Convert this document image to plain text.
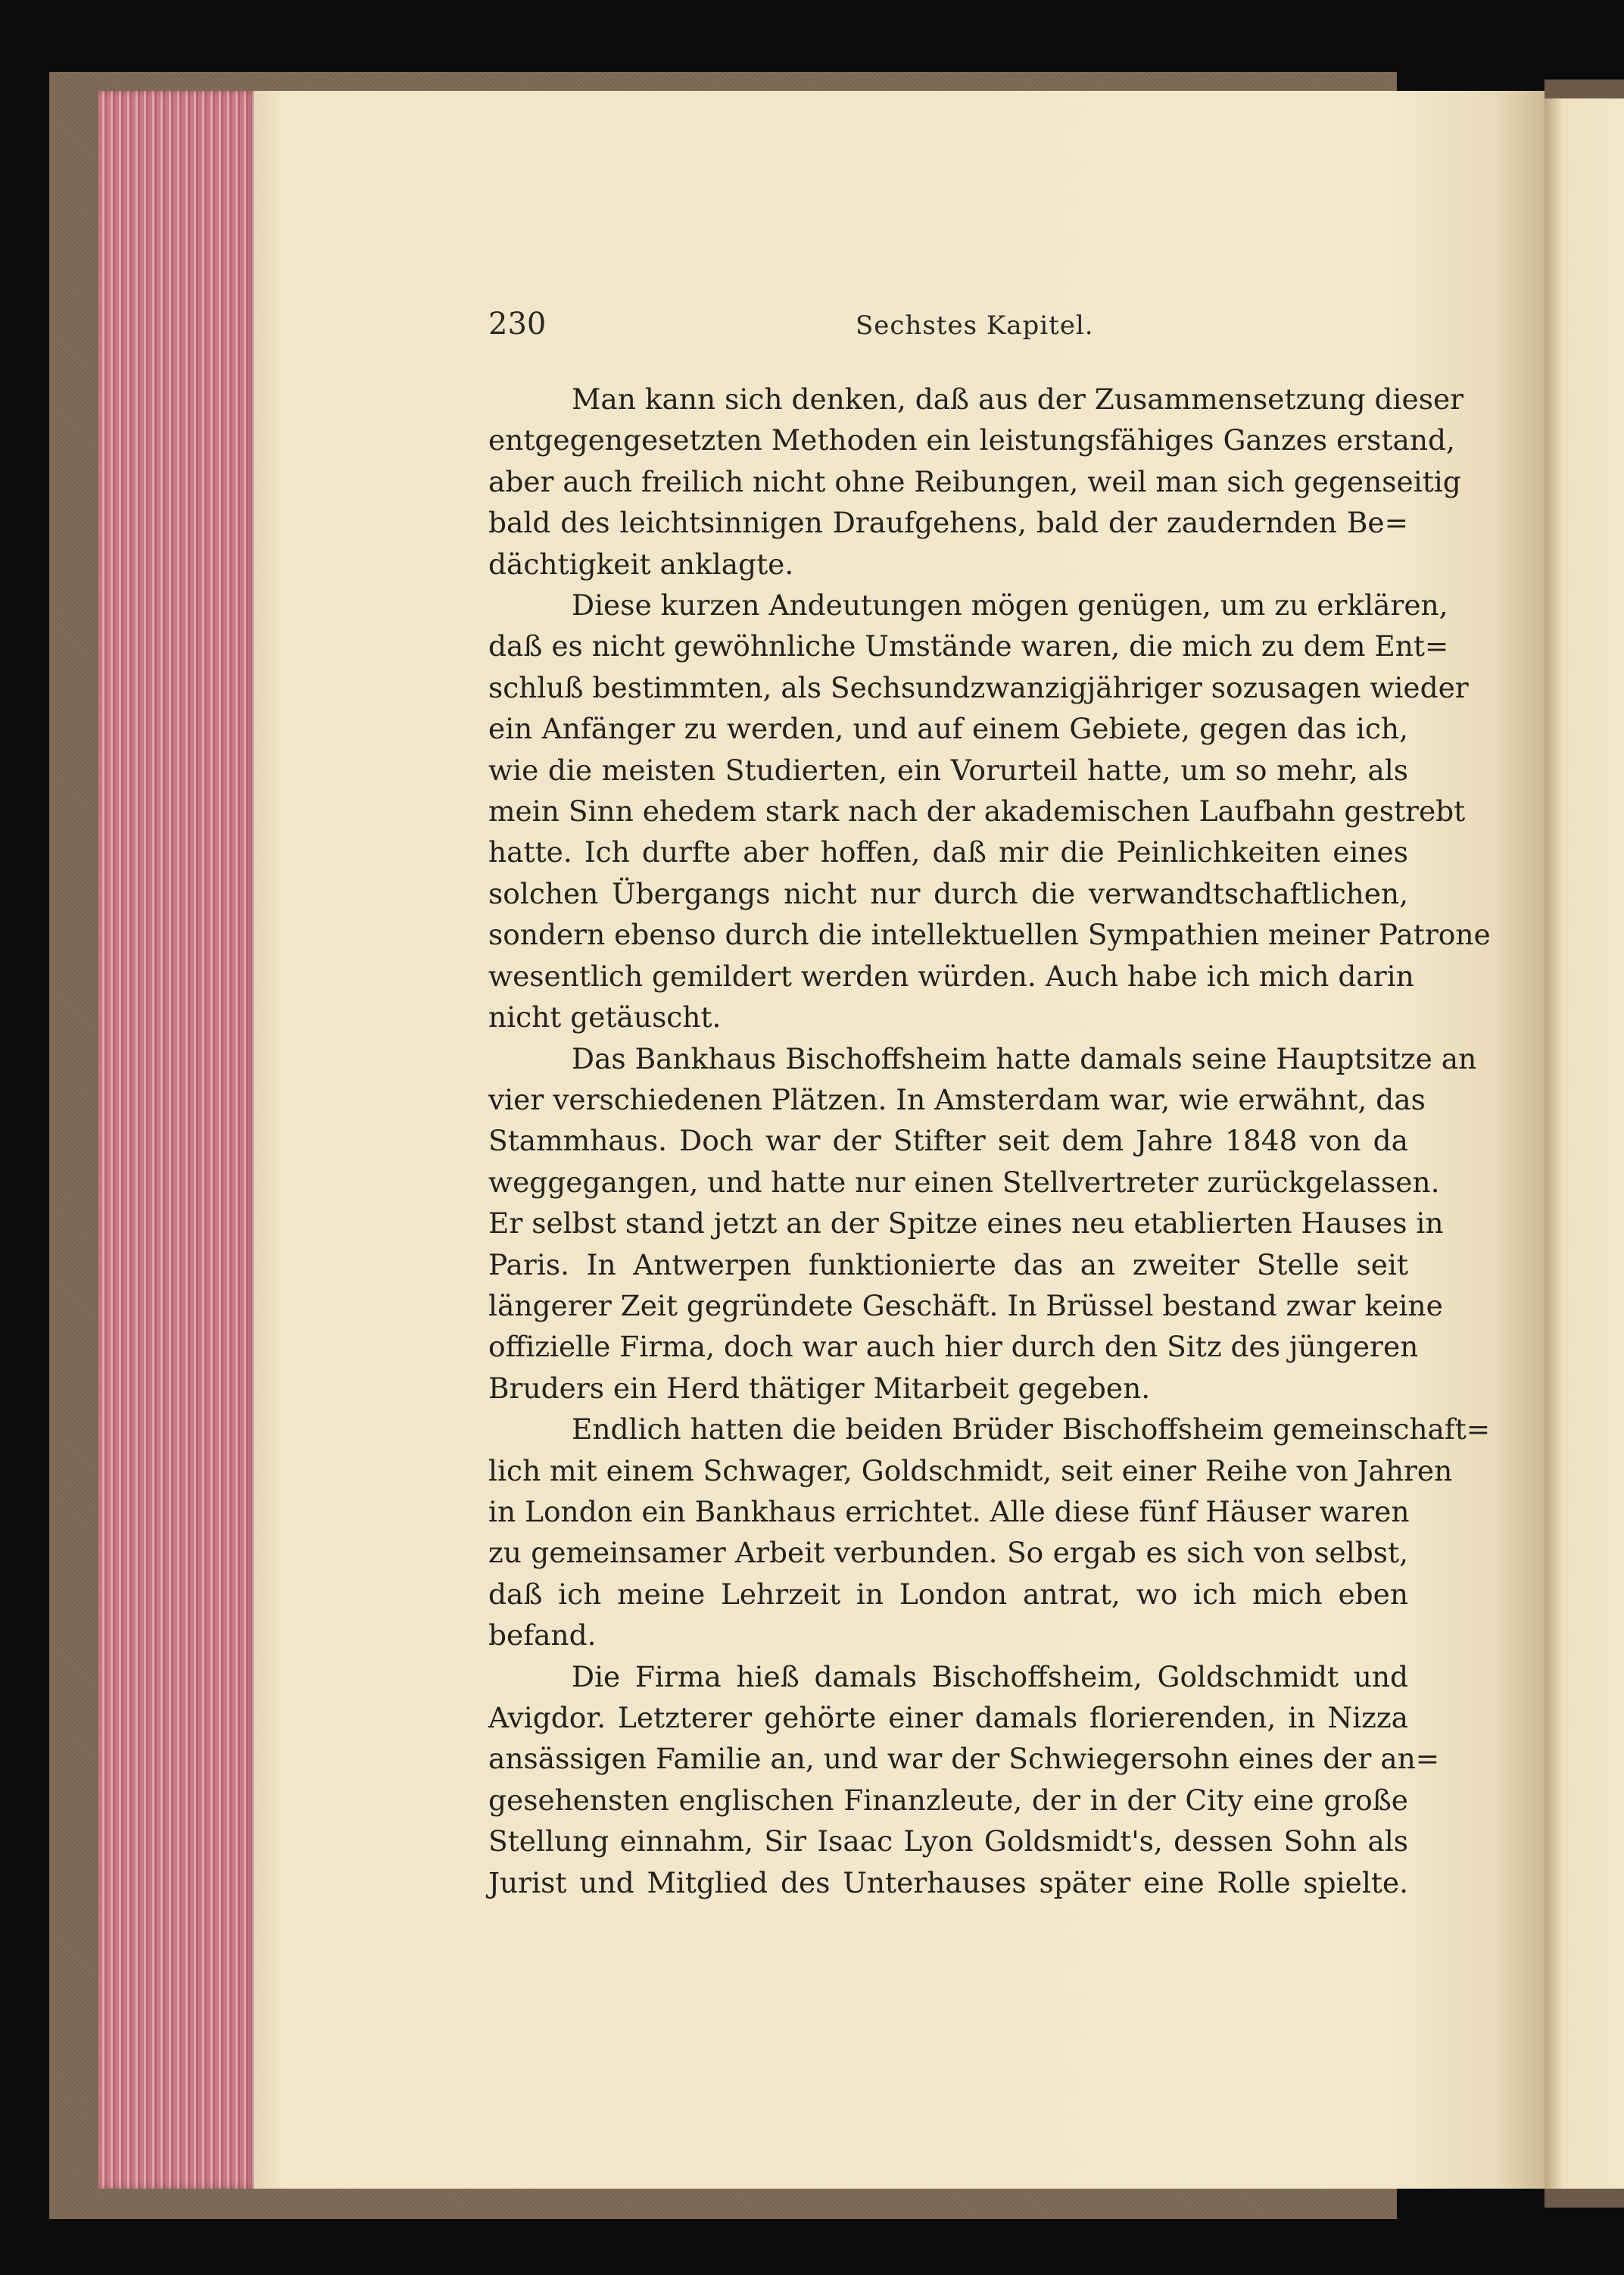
230	Sechstes Kapitel.
Man kann sich denken, daß aus der Zusammensetzung dieser
entgegengesetzten Methoden ein leistungsfähiges Ganzes erstand,
aber auch freilich nicht ohne Reibungen, weil man sich gegenseitig
bald des leichtsinnigen Draufgehens, bald der zaudernden Be=
dächtigkeit anklagte.
Diese kurzen Andeutungen mögen genügen, um zu erklären,
daß es nicht gewöhnliche Umstände waren, die mich zu dem Ent=
schluß bestimmten, als Sechsundzwanzigjähriger sozusagen wieder
ein Anfänger zu werden, und auf einem Gebiete, gegen das ich,
wie die meisten Studierten, ein Vorurteil hatte, um so mehr, als
mein Sinn ehedem stark nach der akademischen Laufbahn gestrebt
hatte. Ich durfte aber hoffen, daß mir die Peinlichkeiten eines
solchen Übergangs nicht nur durch die verwandtschaftlichen,
sondern ebenso durch die intellektuellen Sympathien meiner Patrone
wesentlich gemildert werden würden. Auch habe ich mich darin
nicht getäuscht.
Das Bankhaus Bischoffsheim hatte damals seine Hauptsitze an
vier verschiedenen Plätzen. In Amsterdam war, wie erwähnt, das
Stammhaus. Doch war der Stifter seit dem Jahre 1848 von da
weggegangen, und hatte nur einen Stellvertreter zurückgelassen.
Er selbst stand jetzt an der Spitze eines neu etablierten Hauses in
Paris. In Antwerpen funktionierte das an zweiter Stelle seit
längerer Zeit gegründete Geschäft. In Brüssel bestand zwar keine
offizielle Firma, doch war auch hier durch den Sitz des jüngeren
Bruders ein Herd thätiger Mitarbeit gegeben.
Endlich hatten die beiden Brüder Bischoffsheim gemeinschaft=
lich mit einem Schwager, Goldschmidt, seit einer Reihe von Jahren
in London ein Bankhaus errichtet. Alle diese fünf Häuser waren
zu gemeinsamer Arbeit verbunden. So ergab es sich von selbst,
daß ich meine Lehrzeit in London antrat, wo ich mich eben
befand.
Die Firma hieß damals Bischoffsheim, Goldschmidt und
Avigdor. Letzterer gehörte einer damals florierenden, in Nizza
ansässigen Familie an, und war der Schwiegersohn eines der an=
gesehensten englischen Finanzleute, der in der City eine große
Stellung einnahm, Sir Isaac Lyon Goldsmidt's, dessen Sohn als
Jurist und Mitglied des Unterhauses später eine Rolle spielte.
